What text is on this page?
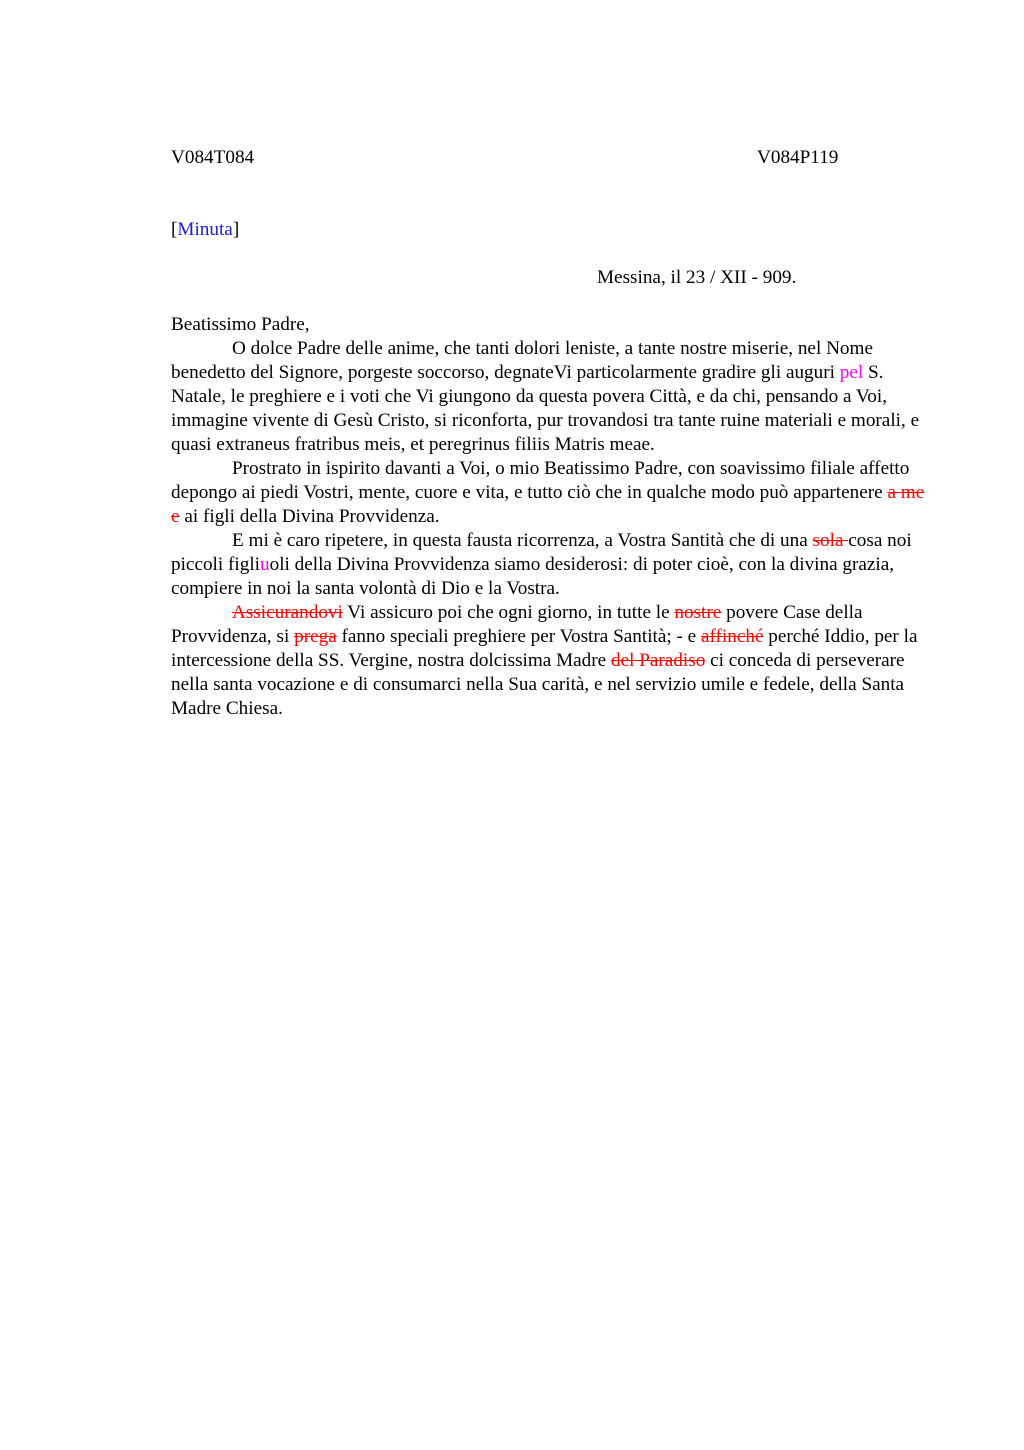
V084T084	V084P119
[Minuta]
Messina, il 23 / XII - 909.

Beatissimo Padre,

O dolce Padre delle anime, che tanti dolori leniste, a tante nostre miserie, nel Nome benedetto del Signore, porgeste soccorso, degnateVi particolarmente gradire gli auguri pel S. Natale, le preghiere e i voti che Vi giungono da questa povera Città, e da chi, pensando a Voi, immagine vivente di Gesù Cristo, si riconforta, pur trovandosi tra tante ruine materiali e morali, e quasi extraneus fratribus meis, et peregrinus filiis Matris meae.

Prostrato in ispirito davanti a Voi, o mio Beatissimo Padre, con soavissimo filiale affetto depongo ai piedi Vostri, mente, cuore e vita, e tutto ciò che in qualche modo può appartenere a me e ai figli della Divina Provvidenza.

E mi è caro ripetere, in questa fausta ricorrenza, a Vostra Santità che di una sola cosa noi piccoli figliuoli della Divina Provvidenza siamo desiderosi: di poter cioè, con la divina grazia, compiere in noi la santa volontà di Dio e la Vostra.

Assicurandovi Vi assicuro poi che ogni giorno, in tutte le nostre povere Case della Provvidenza, si prega fanno speciali preghiere per Vostra Santità; - e affinché perché Iddio, per la intercessione della SS. Vergine, nostra dolcissima Madre del Paradiso ci conceda di perseverare nella santa vocazione e di consumarci nella Sua carità, e nel servizio umile e fedele, della Santa Madre Chiesa.
